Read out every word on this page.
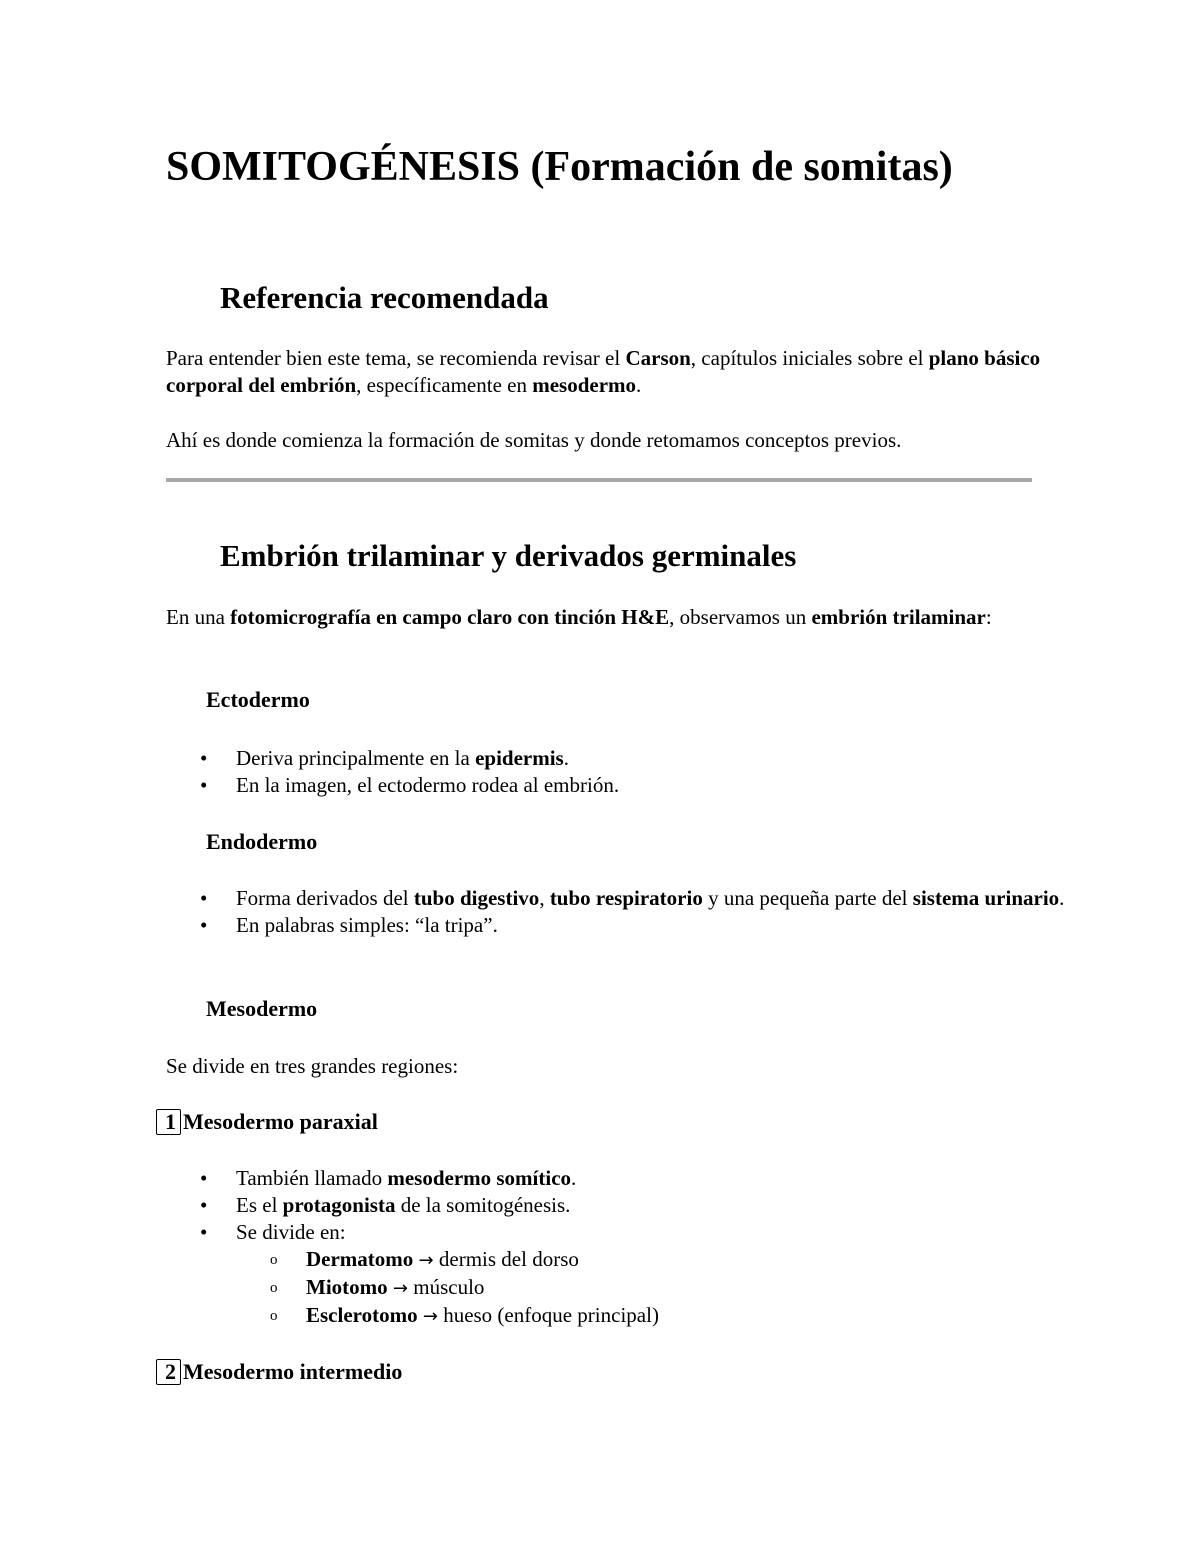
SOMITOGÉNESIS (Formación de somitas)
Referencia recomendada

Para entender bien este tema, se recomienda revisar el Carson, capítulos iniciales sobre el plano básico corporal del embrión, específicamente en mesodermo.

Ahí es donde comienza la formación de somitas y donde retomamos conceptos previos.

Embrión trilaminar y derivados germinales

En una fotomicrografía en campo claro con tinción H&E, observamos un embrión trilaminar:

Ectodermo
• Deriva principalmente en la epidermis.
• En la imagen, el ectodermo rodea al embrión.
Endodermo
• Forma derivados del tubo digestivo, tubo respiratorio y una pequeña parte del sistema urinario.
• En palabras simples: “la tripa”.
Mesodermo

Se divide en tres grandes regiones:

1 Mesodermo paraxial
• También llamado mesodermo somítico.
• Es el protagonista de la somitogénesis.
• Se divide en:
o Dermatomo → dermis del dorso
o Miotomo → músculo
o Esclerotomo → hueso (enfoque principal)
2 Mesodermo intermedio
